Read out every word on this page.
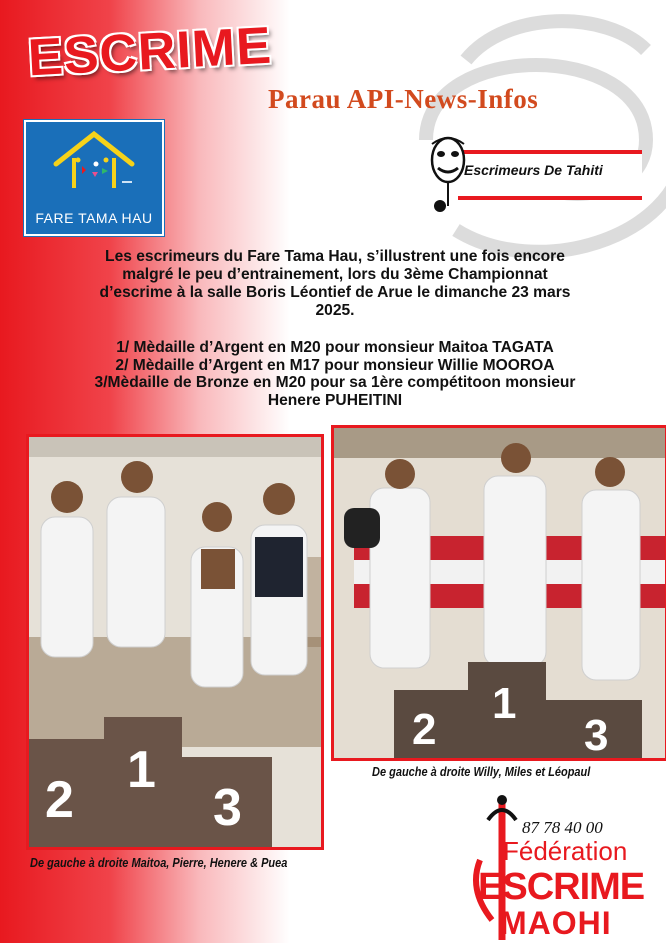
ESCRIME
Parau API-News-Infos
FARE TAMA HAU
Escrimeurs De Tahiti
Les escrimeurs du Fare Tama Hau, s’illustrent une fois encore
malgré le peu d’entrainement, lors du 3ème Championnat
d’escrime à la salle Boris Léontief de Arue le dimanche 23 mars
2025.
1/ Mèdaille d’Argent en M20 pour monsieur Maitoa TAGATA
2/ Mèdaille d’Argent en M17 pour monsieur Willie MOOROA
3/Mèdaille de Bronze en M20 pour sa 1ère compétitoon monsieur
Henere PUHEITINI
2
1
3
De gauche à droite Maitoa, Pierre, Henere & Puea
2
1
3
De gauche à droite Willy, Miles et Léopaul
87 78 40 00
Fédération
ESCRIME
MAOHI
